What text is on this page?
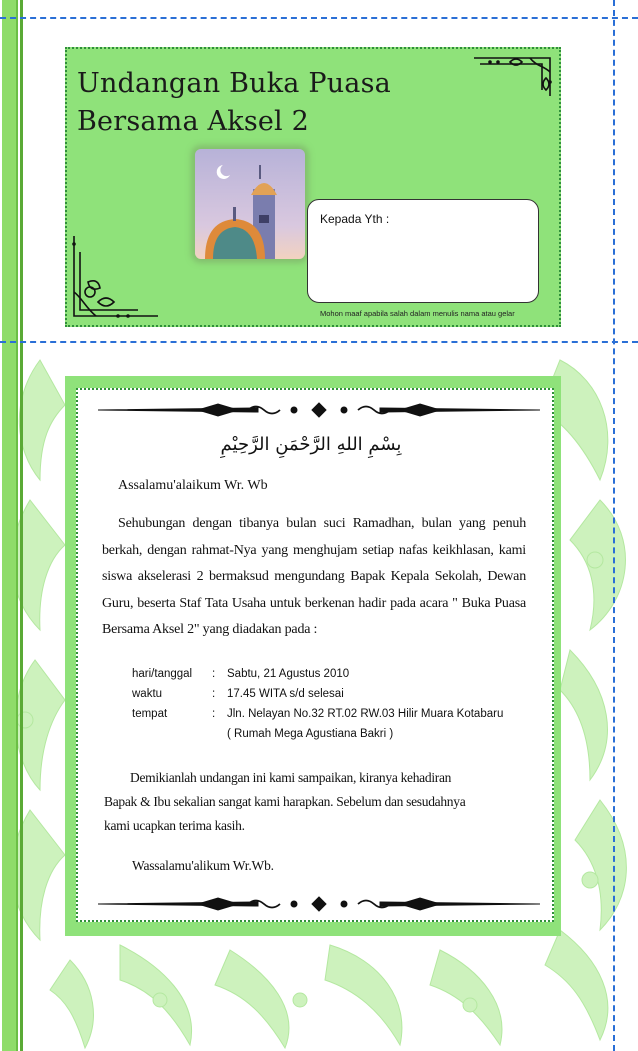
Undangan Buka Puasa
Bersama Aksel 2
Kepada Yth :
Mohon maaf apabila salah dalam menulis nama atau gelar
بِسْمِ اللهِ الرَّحْمَنِ الرَّحِيْمِ
Assalamu'alaikum Wr. Wb
Sehubungan dengan tibanya bulan suci Ramadhan, bulan yang penuh berkah, dengan rahmat-Nya yang menghujam setiap nafas keikhlasan, kami siswa akselerasi 2 bermaksud mengundang Bapak Kepala Sekolah, Dewan Guru, beserta Staf Tata Usaha untuk berkenan hadir pada acara " Buka Puasa Bersama Aksel 2" yang diadakan pada :
hari/tanggal	:	Sabtu, 21 Agustus 2010
waktu	:	17.45 WITA s/d selesai
tempat	:	Jln. Nelayan No.32 RT.02 RW.03 Hilir Muara Kotabaru
( Rumah Mega Agustiana Bakri )
Demikianlah undangan ini kami sampaikan, kiranya kehadiran
Bapak & Ibu sekalian sangat kami harapkan. Sebelum dan sesudahnya
kami ucapkan terima kasih.
Wassalamu'alikum Wr.Wb.
